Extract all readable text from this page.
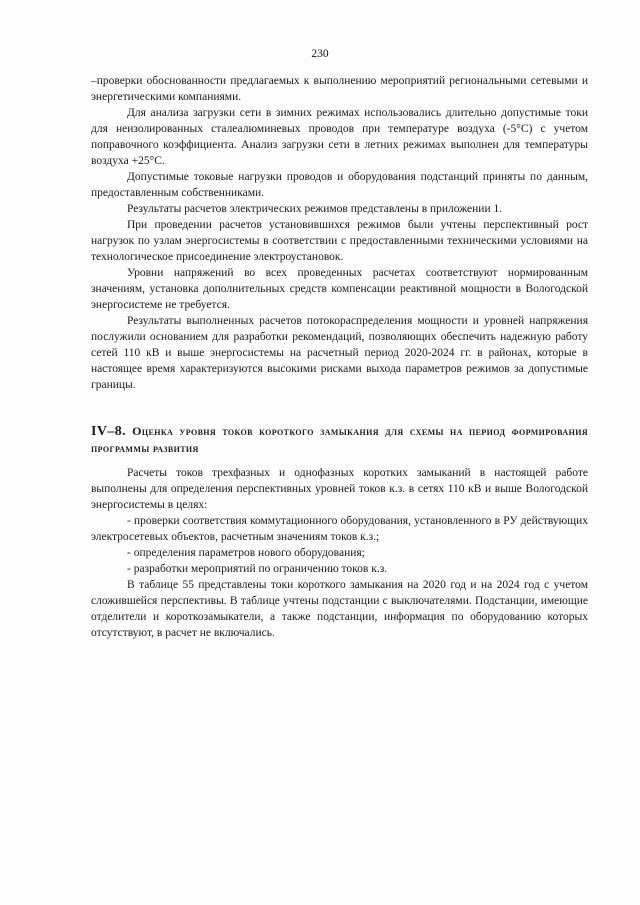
230

–проверки обоснованности предлагаемых к выполнению мероприятий региональными сетевыми и энергетическими компаниями.

Для анализа загрузки сети в зимних режимах использовались длительно допустимые токи для неизолированных сталеалюминевых проводов при температуре воздуха (-5°С) с учетом поправочного коэффициента. Анализ загрузки сети в летних режимах выполнен для температуры воздуха +25°С.

Допустимые токовые нагрузки проводов и оборудования подстанций приняты по данным, предоставленным собственниками.

Результаты расчетов электрических режимов представлены в приложении 1.

При проведении расчетов установившихся режимов были учтены перспективный рост нагрузок по узлам энергосистемы в соответствии с предоставленными техническими условиями на технологическое присоединение электроустановок.

Уровни напряжений во всех проведенных расчетах соответствуют нормированным значениям, установка дополнительных средств компенсации реактивной мощности в Вологодской энергосистеме не требуется.

Результаты выполненных расчетов потокораспределения мощности и уровней напряжения послужили основанием для разработки рекомендаций, позволяющих обеспечить надежную работу сетей 110 кВ и выше энергосистемы на расчетный период 2020-2024 гг. в районах, которые в настоящее время характеризуются высокими рисками выхода параметров режимов за допустимые границы.

IV–8. Оценка уровня токов короткого замыкания для схемы на период формирования программы развития

Расчеты токов трехфазных и однофазных коротких замыканий в настоящей работе выполнены для определения перспективных уровней токов к.з. в сетях 110 кВ и выше Вологодской энергосистемы в целях:

- проверки соответствия коммутационного оборудования, установленного в РУ действующих электросетевых объектов, расчетным значениям токов к.з.;

- определения параметров нового оборудования;

- разработки мероприятий по ограничению токов к.з.

В таблице 55 представлены токи короткого замыкания на 2020 год и на 2024 год с учетом сложившейся перспективы. В таблице учтены подстанции с выключателями. Подстанции, имеющие отделители и короткозамыкатели, а также подстанции, информация по оборудованию которых отсутствуют, в расчет не включались.
